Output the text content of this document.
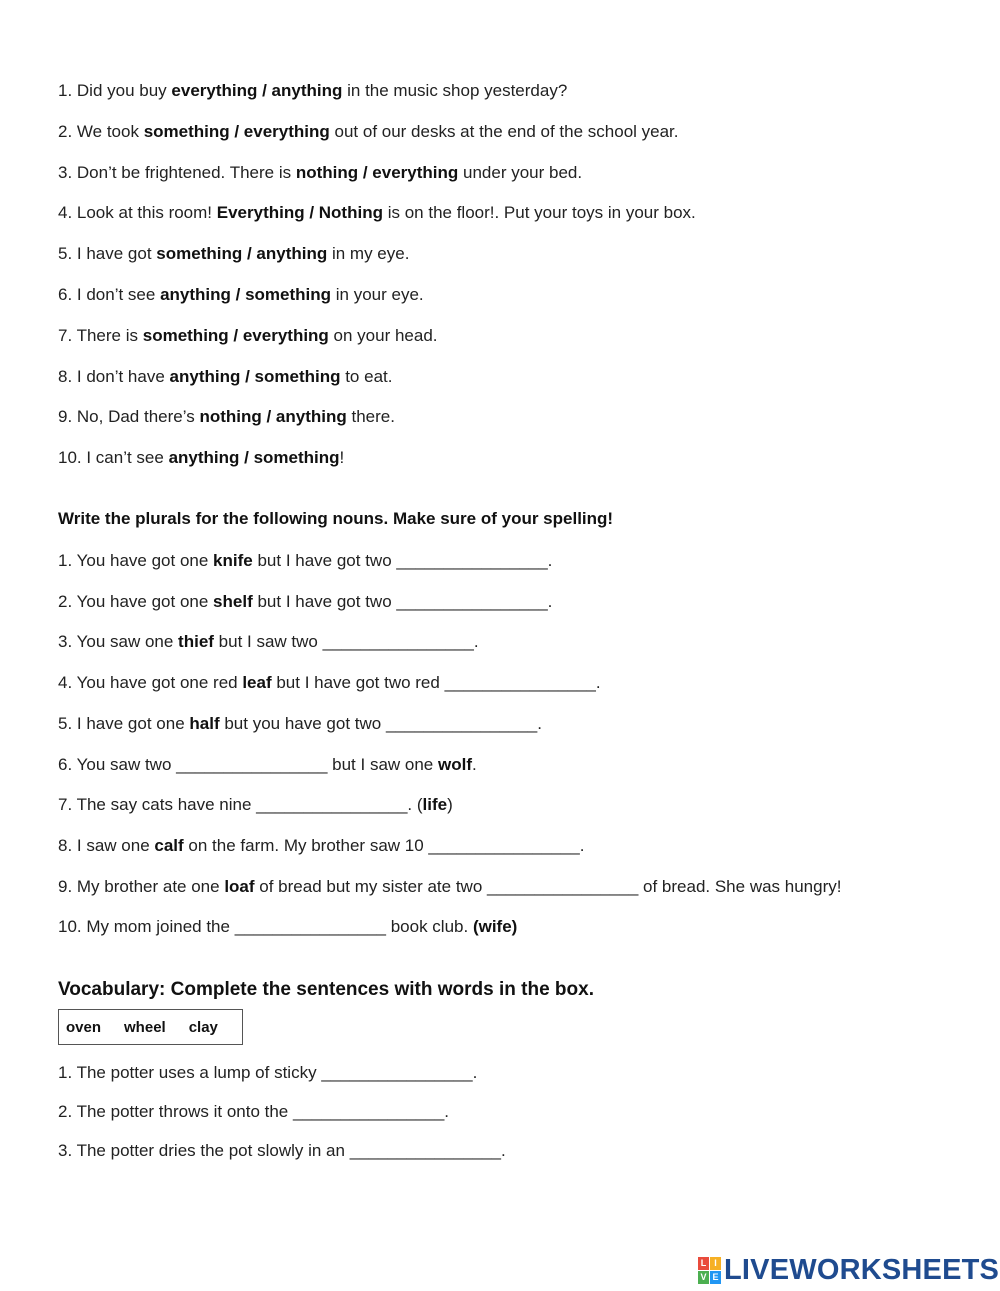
1. Did you buy everything / anything in the music shop yesterday?
2. We took something / everything out of our desks at the end of the school year.
3. Don’t be frightened. There is nothing / everything under your bed.
4. Look at this room! Everything / Nothing is on the floor!. Put your toys in your box.
5. I have got something / anything in my eye.
6. I don’t see anything / something in your eye.
7. There is something / everything on your head.
8. I don’t have anything / something to eat.
9. No, Dad there’s nothing / anything there.
10. I can’t see anything / something!
Write the plurals for the following nouns. Make sure of your spelling!
1. You have got one knife but I have got two ________________.
2. You have got one shelf but I have got two ________________.
3. You saw one thief but I saw two ________________.
4. You have got one red leaf but I have got two red ________________.
5. I have got one half but you have got two ________________.
6. You saw two ________________ but I saw one wolf.
7. The say cats have nine ________________. (life)
8. I saw one calf on the farm. My brother saw 10 ________________.
9. My brother ate one loaf of bread but my sister ate two ________________ of bread. She was hungry!
10. My mom joined the ________________ book club. (wife)
Vocabulary: Complete the sentences with words in the box.
oven wheel clay
1. The potter uses a lump of sticky ________________.
2. The potter throws it onto the ________________.
3. The potter dries the pot slowly in an ________________.
L I
V E LIVEWORKSHEETS
